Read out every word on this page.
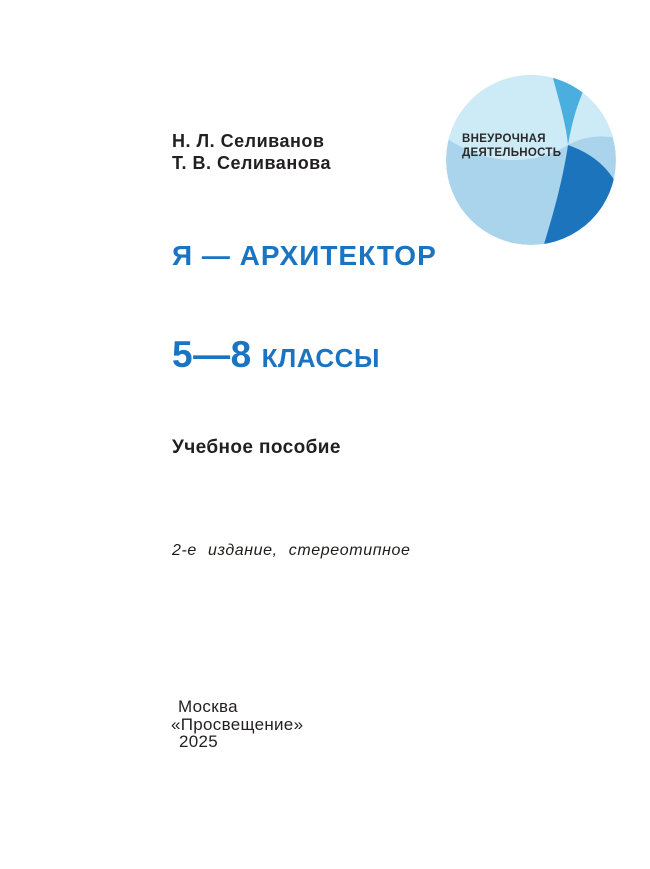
Н. Л. Селиванов
Т. В. Селиванова
ВНЕУРОЧНАЯ
ДЕЯТЕЛЬНОСТЬ
Я — АРХИТЕКТОР
5—8 КЛАССЫ
Учебное пособие
2-е издание, стереотипное
Москва
«Просвещение»
2025
